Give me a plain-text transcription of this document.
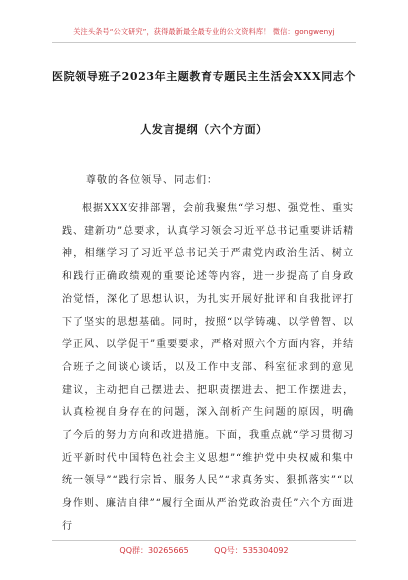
关注头条号“公文研究”，获得最新最全最专业的公文资料库！ 微信：gongwenyj
医院领导班子2023年主题教育专题民主生活会XXX同志个
人发言提纲（六个方面）
尊敬的各位领导、同志们：

根据XXX安排部署，会前我聚焦“学习想、强党性、重实践、建新功”总要求，认真学习领会习近平总书记重要讲话精神，相继学习了习近平总书记关于严肃党内政治生活、树立和践行正确政绩观的重要论述等内容，进一步提高了自身政治觉悟，深化了思想认识，为扎实开展好批评和自我批评打下了坚实的思想基础。同时，按照“以学铸魂、以学曾智、以学正风、以学促干”重要要求，严格对照六个方面内容，并结合班子之间谈心谈话，以及工作中支部、科室征求到的意见建议，主动把自己摆进去、把职责摆进去、把工作摆进去，认真检视自身存在的问题，深入剖析产生问题的原因，明确了今后的努力方向和改进措施。下面，我重点就“学习贯彻习近平新时代中国特色社会主义思想”“维护党中央权威和集中统一领导”“践行宗旨、服务人民”“求真务实、狠抓落实”“以身作则、廉洁自律”“履行全面从严治党政治责任”六个方面进行

QQ群：30265665          QQ号：535304092
